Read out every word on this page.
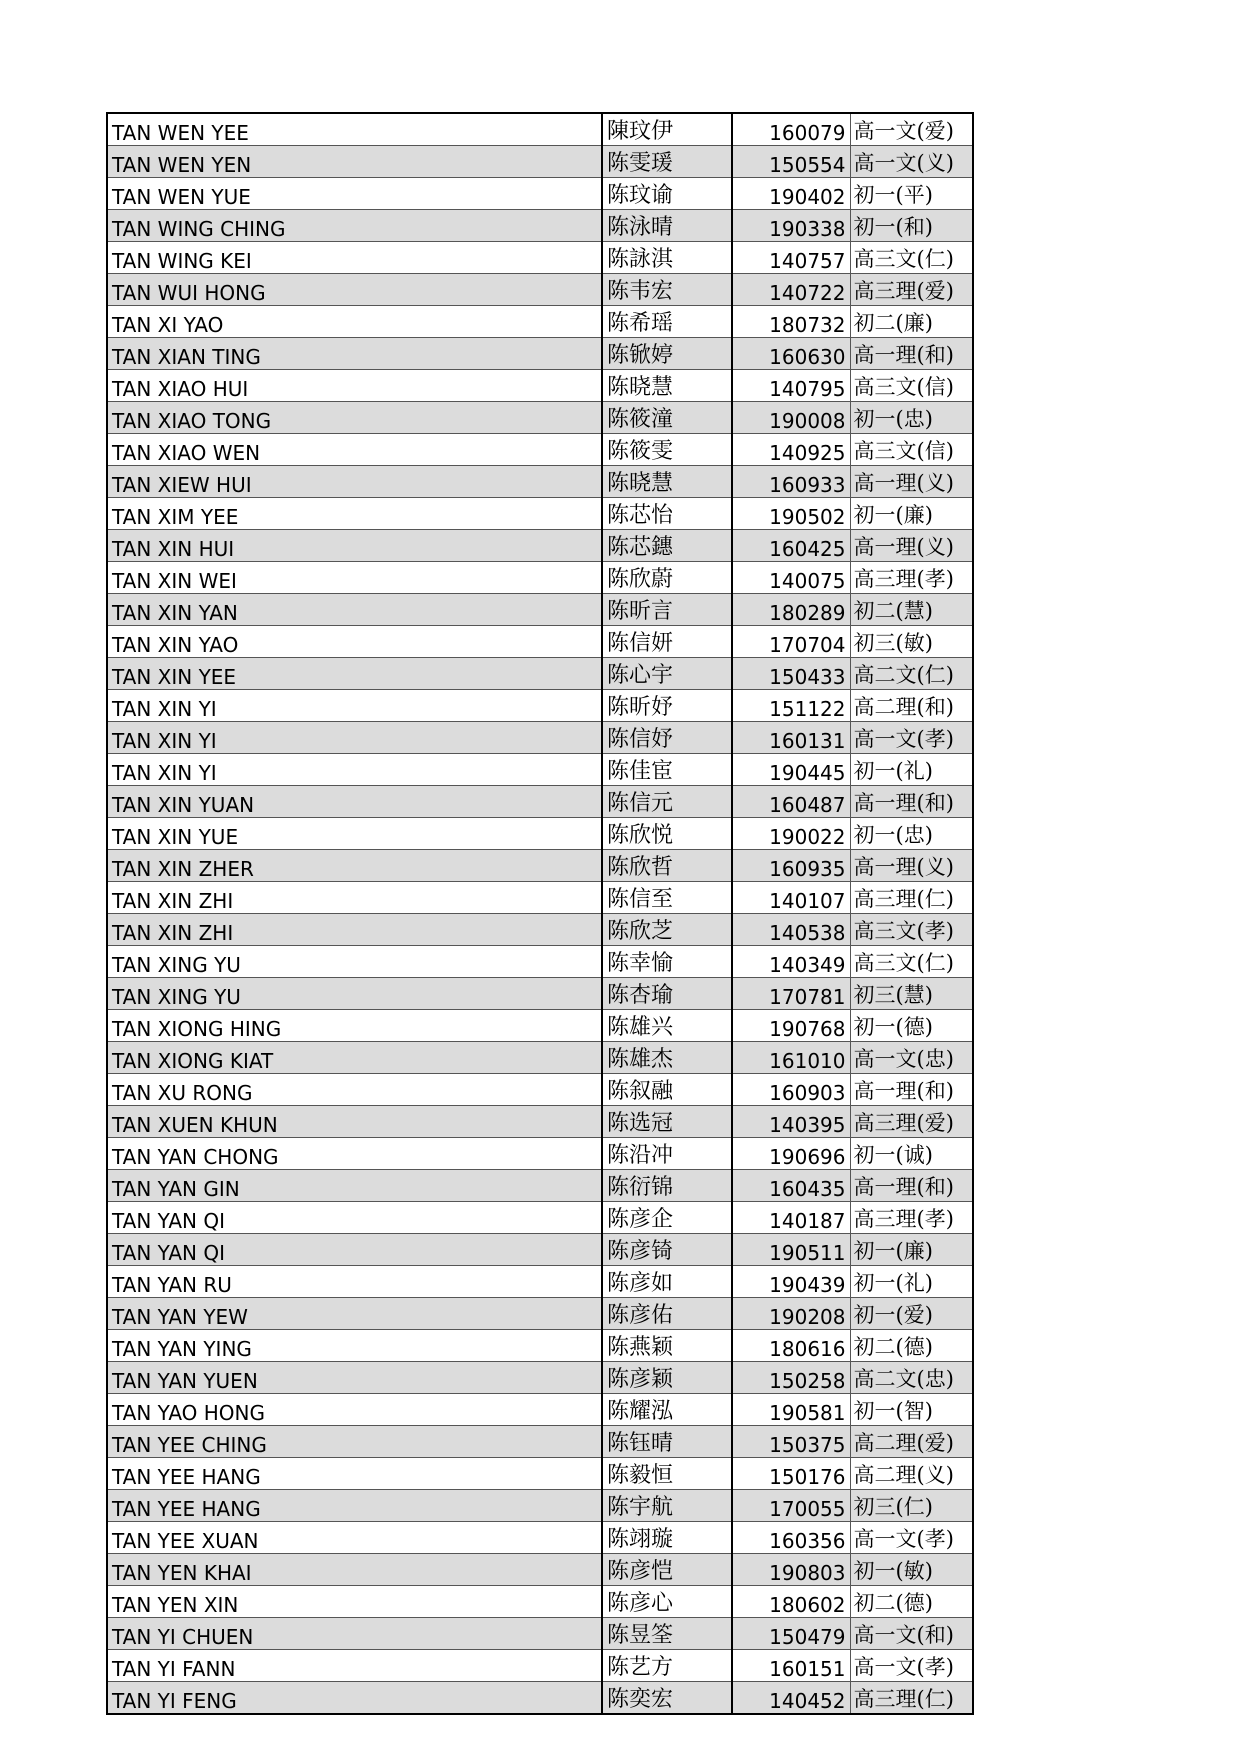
TAN WEN YEE	陳玟伊	160079	高一文(爱)
TAN WEN YEN	陈雯瑗	150554	高一文(义)
TAN WEN YUE	陈玟谕	190402	初一(平)
TAN WING CHING	陈泳晴	190338	初一(和)
TAN WING KEI	陈詠淇	140757	高三文(仁)
TAN WUI HONG	陈韦宏	140722	高三理(爱)
TAN XI YAO	陈希瑶	180732	初二(廉)
TAN XIAN TING	陈锨婷	160630	高一理(和)
TAN XIAO HUI	陈晓慧	140795	高三文(信)
TAN XIAO TONG	陈筱潼	190008	初一(忠)
TAN XIAO WEN	陈筱雯	140925	高三文(信)
TAN XIEW HUI	陈晓慧	160933	高一理(义)
TAN XIM YEE	陈芯怡	190502	初一(廉)
TAN XIN HUI	陈芯鏸	160425	高一理(义)
TAN XIN WEI	陈欣蔚	140075	高三理(孝)
TAN XIN YAN	陈昕言	180289	初二(慧)
TAN XIN YAO	陈信妍	170704	初三(敏)
TAN XIN YEE	陈心宇	150433	高二文(仁)
TAN XIN YI	陈昕妤	151122	高二理(和)
TAN XIN YI	陈信妤	160131	高一文(孝)
TAN XIN YI	陈佳宦	190445	初一(礼)
TAN XIN YUAN	陈信元	160487	高一理(和)
TAN XIN YUE	陈欣悦	190022	初一(忠)
TAN XIN ZHER	陈欣哲	160935	高一理(义)
TAN XIN ZHI	陈信至	140107	高三理(仁)
TAN XIN ZHI	陈欣芝	140538	高三文(孝)
TAN XING YU	陈幸愉	140349	高三文(仁)
TAN XING YU	陈杏瑜	170781	初三(慧)
TAN XIONG HING	陈雄兴	190768	初一(德)
TAN XIONG KIAT	陈雄杰	161010	高一文(忠)
TAN XU RONG	陈叙融	160903	高一理(和)
TAN XUEN KHUN	陈选冠	140395	高三理(爱)
TAN YAN CHONG	陈沿冲	190696	初一(诚)
TAN YAN GIN	陈衍锦	160435	高一理(和)
TAN YAN QI	陈彦企	140187	高三理(孝)
TAN YAN QI	陈彦锜	190511	初一(廉)
TAN YAN RU	陈彦如	190439	初一(礼)
TAN YAN YEW	陈彦佑	190208	初一(爱)
TAN YAN YING	陈燕颖	180616	初二(德)
TAN YAN YUEN	陈彦颖	150258	高二文(忠)
TAN YAO HONG	陈耀泓	190581	初一(智)
TAN YEE CHING	陈钰晴	150375	高二理(爱)
TAN YEE HANG	陈毅恒	150176	高二理(义)
TAN YEE HANG	陈宇航	170055	初三(仁)
TAN YEE XUAN	陈翊璇	160356	高一文(孝)
TAN YEN KHAI	陈彦恺	190803	初一(敏)
TAN YEN XIN	陈彦心	180602	初二(德)
TAN YI CHUEN	陈昱筌	150479	高一文(和)
TAN YI FANN	陈艺方	160151	高一文(孝)
TAN YI FENG	陈奕宏	140452	高三理(仁)
